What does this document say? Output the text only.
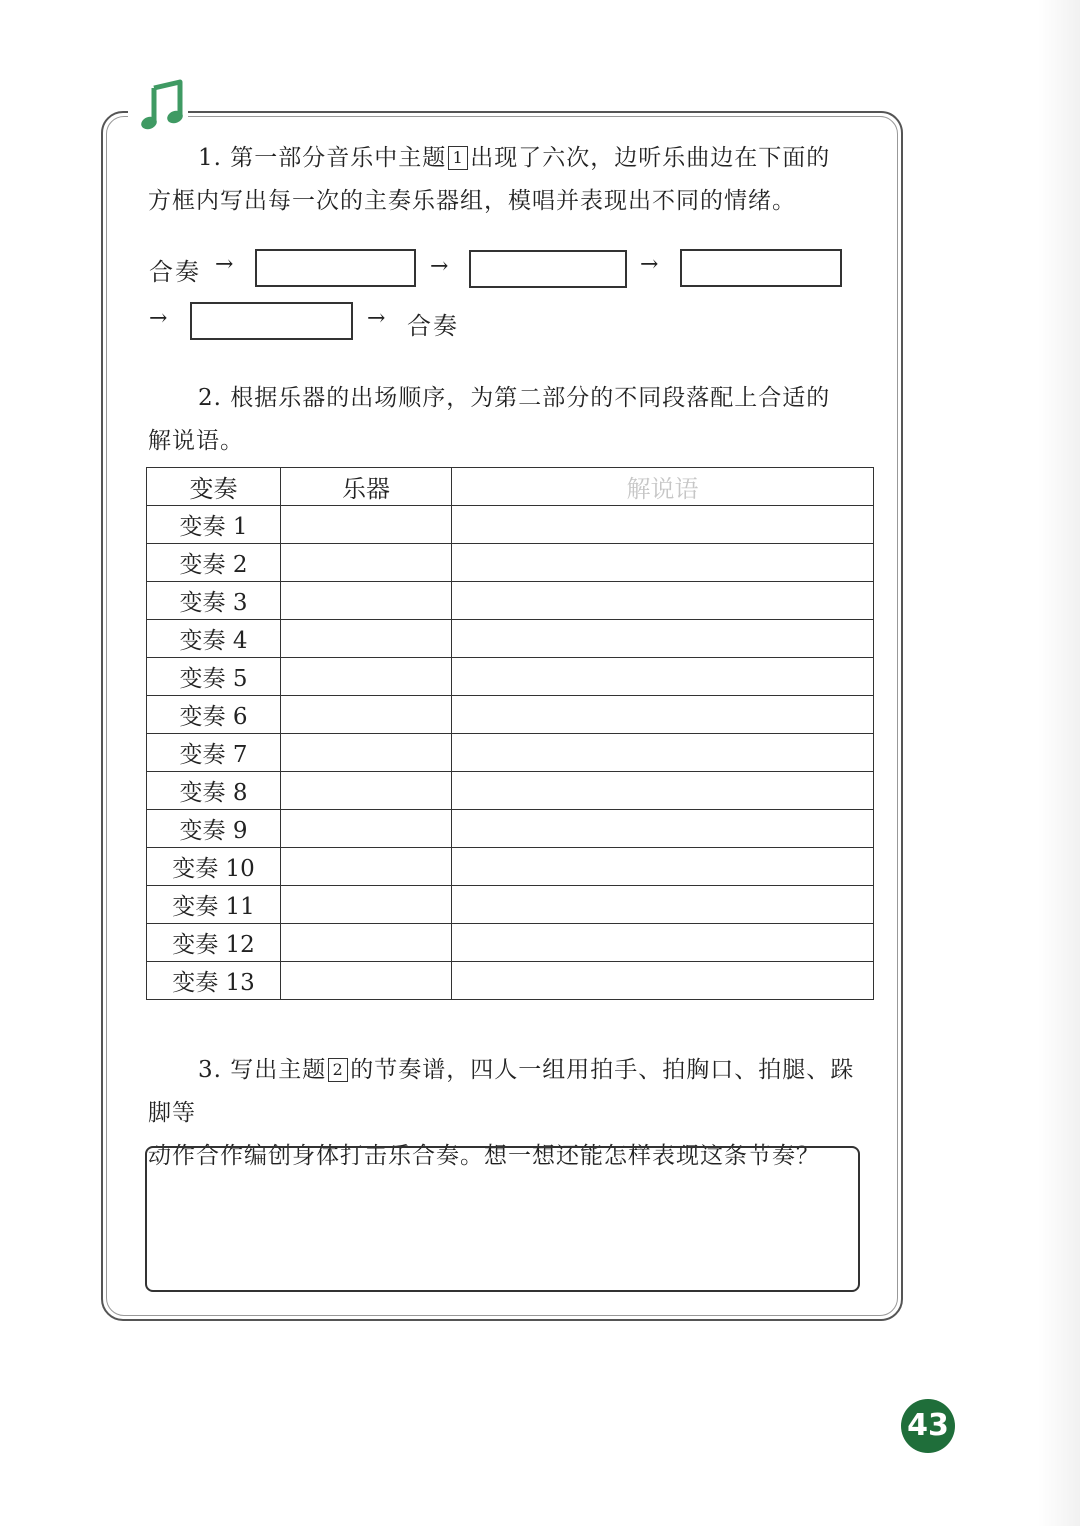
1. 第一部分音乐中主题 1 出现了六次，边听乐曲边在下面的

方框内写出每一次的主奏乐器组，模唱并表现出不同的情绪。

合奏 →	→	→
→	→ 合奏

2. 根据乐器的出场顺序，为第二部分的不同段落配上合适的

解说语。

变奏	乐器	解说语
变奏 1		
变奏 2		
变奏 3		
变奏 4		
变奏 5		
变奏 6		
变奏 7		
变奏 8		
变奏 9		
变奏 10		
变奏 11		
变奏 12		
变奏 13		

3. 写出主题 2 的节奏谱，四人一组用拍手、拍胸口、拍腿、跺脚等

动作合作编创身体打击乐合奏。想一想还能怎样表现这条节奏？

43
